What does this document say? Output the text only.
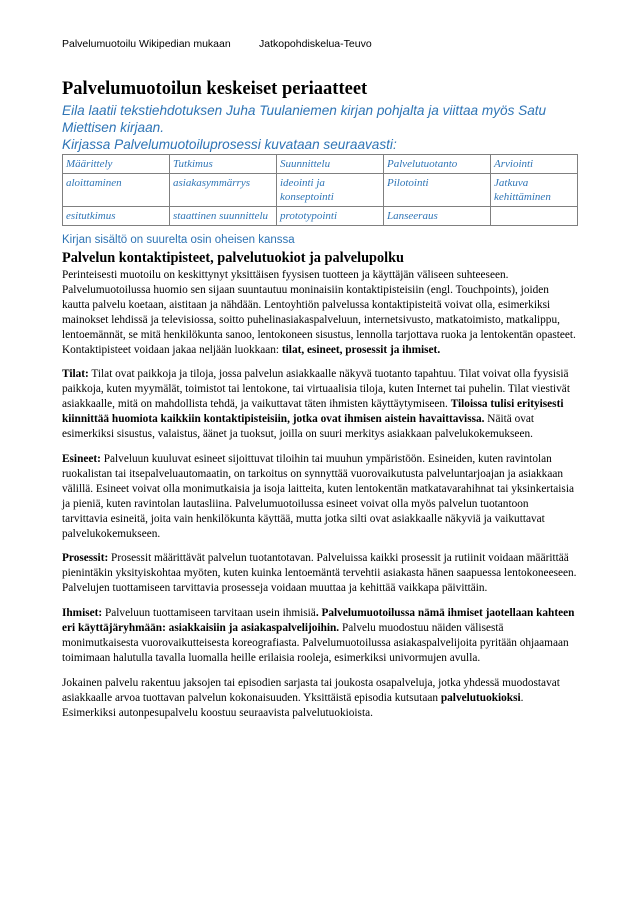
Palvelumuotoilu Wikipedian mukaan	Jatkopohdiskelua-Teuvo
Palvelumuotoilun keskeiset periaatteet

Eila laatii tekstiehdotuksen Juha Tuulaniemen kirjan pohjalta ja viittaa myös Satu Miettisen kirjaan.

Kirjassa Palvelumuotoiluprosessi kuvataan seuraavasti:

Määrittely	Tutkimus	Suunnittelu	Palvelutuotanto	Arviointi
aloittaminen	asiakasymmärrys	ideointi ja konseptointi	Pilotointi	Jatkuva kehittäminen
esitutkimus	staattinen suunnittelu	prototypointi	Lanseeraus	

Kirjan sisältö on suurelta osin oheisen kanssa

Palvelun kontaktipisteet, palvelutuokiot ja palvelupolku

Perinteisesti muotoilu on keskittynyt yksittäisen fyysisen tuotteen ja käyttäjän väliseen suhteeseen. Palvelumuotoilussa huomio sen sijaan suuntautuu moninaisiin kontaktipisteisiin (engl. Touchpoints), joiden kautta palvelu koetaan, aistitaan ja nähdään. Lentoyhtiön palvelussa kontaktipisteitä voivat olla, esimerkiksi mainokset lehdissä ja televisiossa, soitto puhelinasiakaspalveluun, internetsivusto, matkatoimisto, matkalippu, lentoemännät, se mitä henkilökunta sanoo, lentokoneen sisustus, lennolla tarjottava ruoka ja lentokentän opasteet. Kontaktipisteet voidaan jakaa neljään luokkaan: tilat, esineet, prosessit ja ihmiset.

Tilat: Tilat ovat paikkoja ja tiloja, jossa palvelun asiakkaalle näkyvä tuotanto tapahtuu. Tilat voivat olla fyysisiä paikkoja, kuten myymälät, toimistot tai lentokone, tai virtuaalisia tiloja, kuten Internet tai puhelin. Tilat viestivät asiakkaalle, mitä on mahdollista tehdä, ja vaikuttavat täten ihmisten käyttäytymiseen. Tiloissa tulisi erityisesti kiinnittää huomiota kaikkiin kontaktipisteisiin, jotka ovat ihmisen aistein havaittavissa. Näitä ovat esimerkiksi sisustus, valaistus, äänet ja tuoksut, joilla on suuri merkitys asiakkaan palvelukokemukseen.

Esineet: Palveluun kuuluvat esineet sijoittuvat tiloihin tai muuhun ympäristöön. Esineiden, kuten ravintolan ruokalistan tai itsepalveluautomaatin, on tarkoitus on synnyttää vuorovaikutusta palveluntarjoajan ja asiakkaan välillä. Esineet voivat olla monimutkaisia ja isoja laitteita, kuten lentokentän matkatavarahihnat tai yksinkertaisia ja pieniä, kuten ravintolan lautasliina. Palvelumuotoilussa esineet voivat olla myös palvelun tuotantoon tarvittavia esineitä, joita vain henkilökunta käyttää, mutta jotka silti ovat asiakkaalle näkyviä ja vaikuttavat palvelukokemukseen.

Prosessit: Prosessit määrittävät palvelun tuotantotavan. Palveluissa kaikki prosessit ja rutiinit voidaan määrittää pienintäkin yksityiskohtaa myöten, kuten kuinka lentoemäntä tervehtii asiakasta hänen saapuessa lentokoneeseen. Palvelujen tuottamiseen tarvittavia prosesseja voidaan muuttaa ja kehittää vaikkapa päivittäin.

Ihmiset: Palveluun tuottamiseen tarvitaan usein ihmisiä. Palvelumuotoilussa nämä ihmiset jaotellaan kahteen eri käyttäjäryhmään: asiakkaisiin ja asiakaspalvelijoihin. Palvelu muodostuu näiden välisestä monimutkaisesta vuorovaikutteisesta koreografiasta. Palvelumuotoilussa asiakaspalvelijoita pyritään ohjaamaan toimimaan halutulla tavalla luomalla heille erilaisia rooleja, esimerkiksi univormujen avulla.

Jokainen palvelu rakentuu jaksojen tai episodien sarjasta tai joukosta osapalveluja, jotka yhdessä muodostavat asiakkaalle arvoa tuottavan palvelun kokonaisuuden. Yksittäistä episodia kutsutaan palvelutuokioksi. Esimerkiksi autonpesupalvelu koostuu seuraavista palvelutuokioista.
